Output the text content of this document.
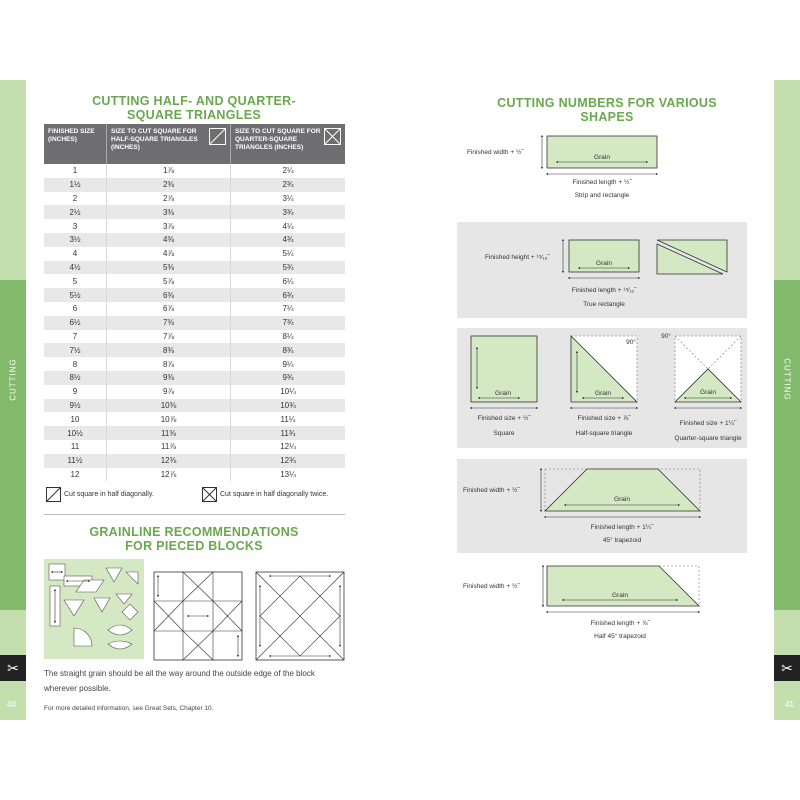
CUTTING
✂
CUTTING
✂
40	41
CUTTING HALF- AND QUARTER-SQUARE TRIANGLES
FINISHED SIZE (INCHES)	SIZE TO CUT SQUARE FOR HALF-SQUARE TRIANGLES (INCHES)	SIZE TO CUT SQUARE FOR QUARTER-SQUARE TRIANGLES (INCHES)
1	1⅞	2¼
1½	2⅜	2¾
2	2⅞	3¼
2½	3⅜	3¾
3	3⅞	4¼
3½	4⅜	4¾
4	4⅞	5¼
4½	5⅜	5¾
5	5⅞	6¼
5½	6⅜	6¾
6	6⅞	7¼
6½	7⅜	7¾
7	7⅞	8¼
7½	8⅜	8¾
8	8⅞	9¼
8½	9⅜	9¾
9	9⅞	10¼
9½	10⅜	10¾
10	10⅞	11¼
10½	11⅜	11¾
11	11⅞	12¼
11½	12⅜	12¾
12	12⅞	13¼
Cut square in half diagonally.	Cut square in half diagonally twice.
GRAINLINE RECOMMENDATIONS FOR PIECED BLOCKS
The straight grain should be all the way around the outside edge of the block wherever possible.
For more detailed information, see Great Sets, Chapter 10.
CUTTING NUMBERS FOR VARIOUS SHAPES
Finished width + ½˝
Grain
Finished length + ½˝
Strip and rectangle
Finished height + ¹⁵⁄₁₆˝
Grain
Finished length + ¹⁵⁄₁₆˝
True rectangle
Grain
Finished size + ½˝
Square
Grain
90°
Finished size + ⅞˝
Half-square triangle
Grain
90°
Finished size + 1¼˝
Quarter-square triangle
Finished width + ½˝
Grain
Finished length + 1¼˝
45° trapezoid
Finished width + ½˝
Grain
Finished length + ⅞˝
Half 45° trapezoid
